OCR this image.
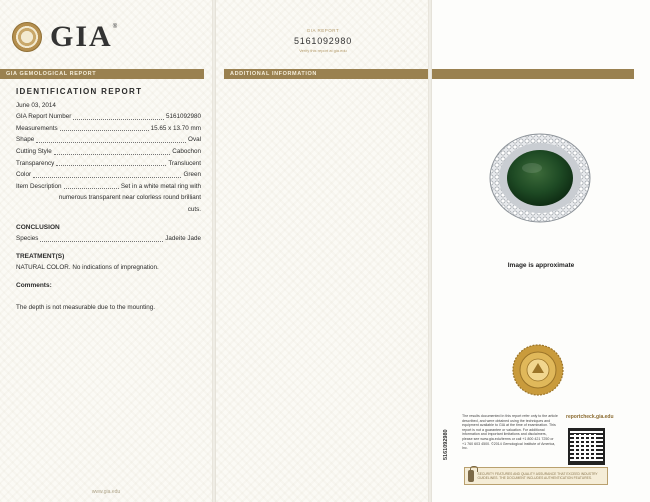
GIA ®
GIA GEMOLOGICAL REPORT
IDENTIFICATION REPORT
June 03, 2014
GIA Report Number	5161092980
Measurements	15.65 x 13.70 mm
Shape	Oval
Cutting Style	Cabochon
Transparency	Translucent
Color	Green
Item Description	Set in a white metal ring with
numerous transparent near colorless round brilliant
cuts.
CONCLUSION
Species	Jadeite Jade
TREATMENT(S)
NATURAL COLOR. No indications of impregnation.
Comments:
The depth is not measurable due to the mounting.
www.gia.edu
GIA REPORT
5161092980
Verify this report at gia.edu
ADDITIONAL INFORMATION
Image is approximate
The results documented in this report refer only to the article described, and were obtained using the techniques and equipment available to GIA at the time of examination. This report is not a guarantee or valuation. For additional information and important limitations and disclaimers, please see www.gia.edu/terms or call +1 800 421 7250 or +1 760 603 4500. ©2014 Gemological Institute of America, Inc.
reportcheck.gia.edu
SECURITY FEATURES AND QUALITY ASSURANCE THAT EXCEED INDUSTRY GUIDELINES. THE DOCUMENT INCLUDES AUTHENTICATION FEATURES.
5161092980
